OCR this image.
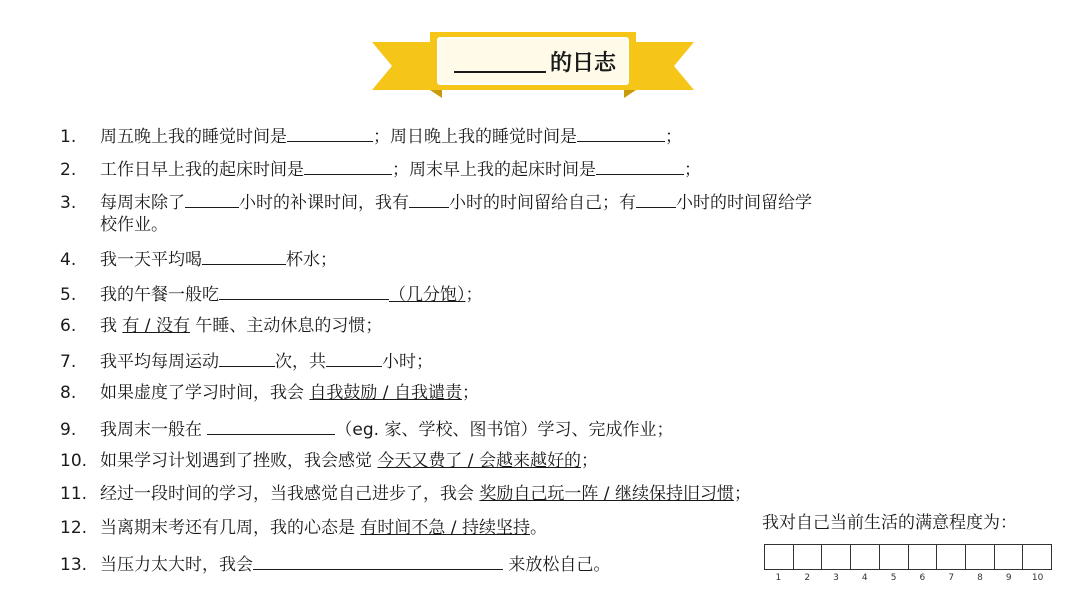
的日志
1. 周五晚上我的睡觉时间是	；周日晚上我的睡觉时间是	；
2. 工作日早上我的起床时间是	；周末早上我的起床时间是	；
3. 每周末除了	小时的补课时间，我有 小时的时间留给自己；有 小时的时间留给学
校作业。
4. 我一天平均喝	杯水；
5. 我的午餐一般吃	（几分饱）；
6. 我 有 / 没有 午睡、主动休息的习惯；
7. 我平均每周运动	次，共	小时；
8. 如果虚度了学习时间，我会 自我鼓励 / 自我谴责；
9. 我周末一般在	（eg. 家、学校、图书馆）学习、完成作业；
10. 如果学习计划遇到了挫败，我会感觉 今天又费了 / 会越来越好的；
11. 经过一段时间的学习，当我感觉自己进步了，我会 奖励自己玩一阵 / 继续保持旧习惯；
12. 当离期末考还有几周，我的心态是 有时间不急 / 持续坚持。
13. 当压力太大时，我会	来放松自己。
我对自己当前生活的满意程度为：
1	2	3	4	5	6	7	8	9	10
